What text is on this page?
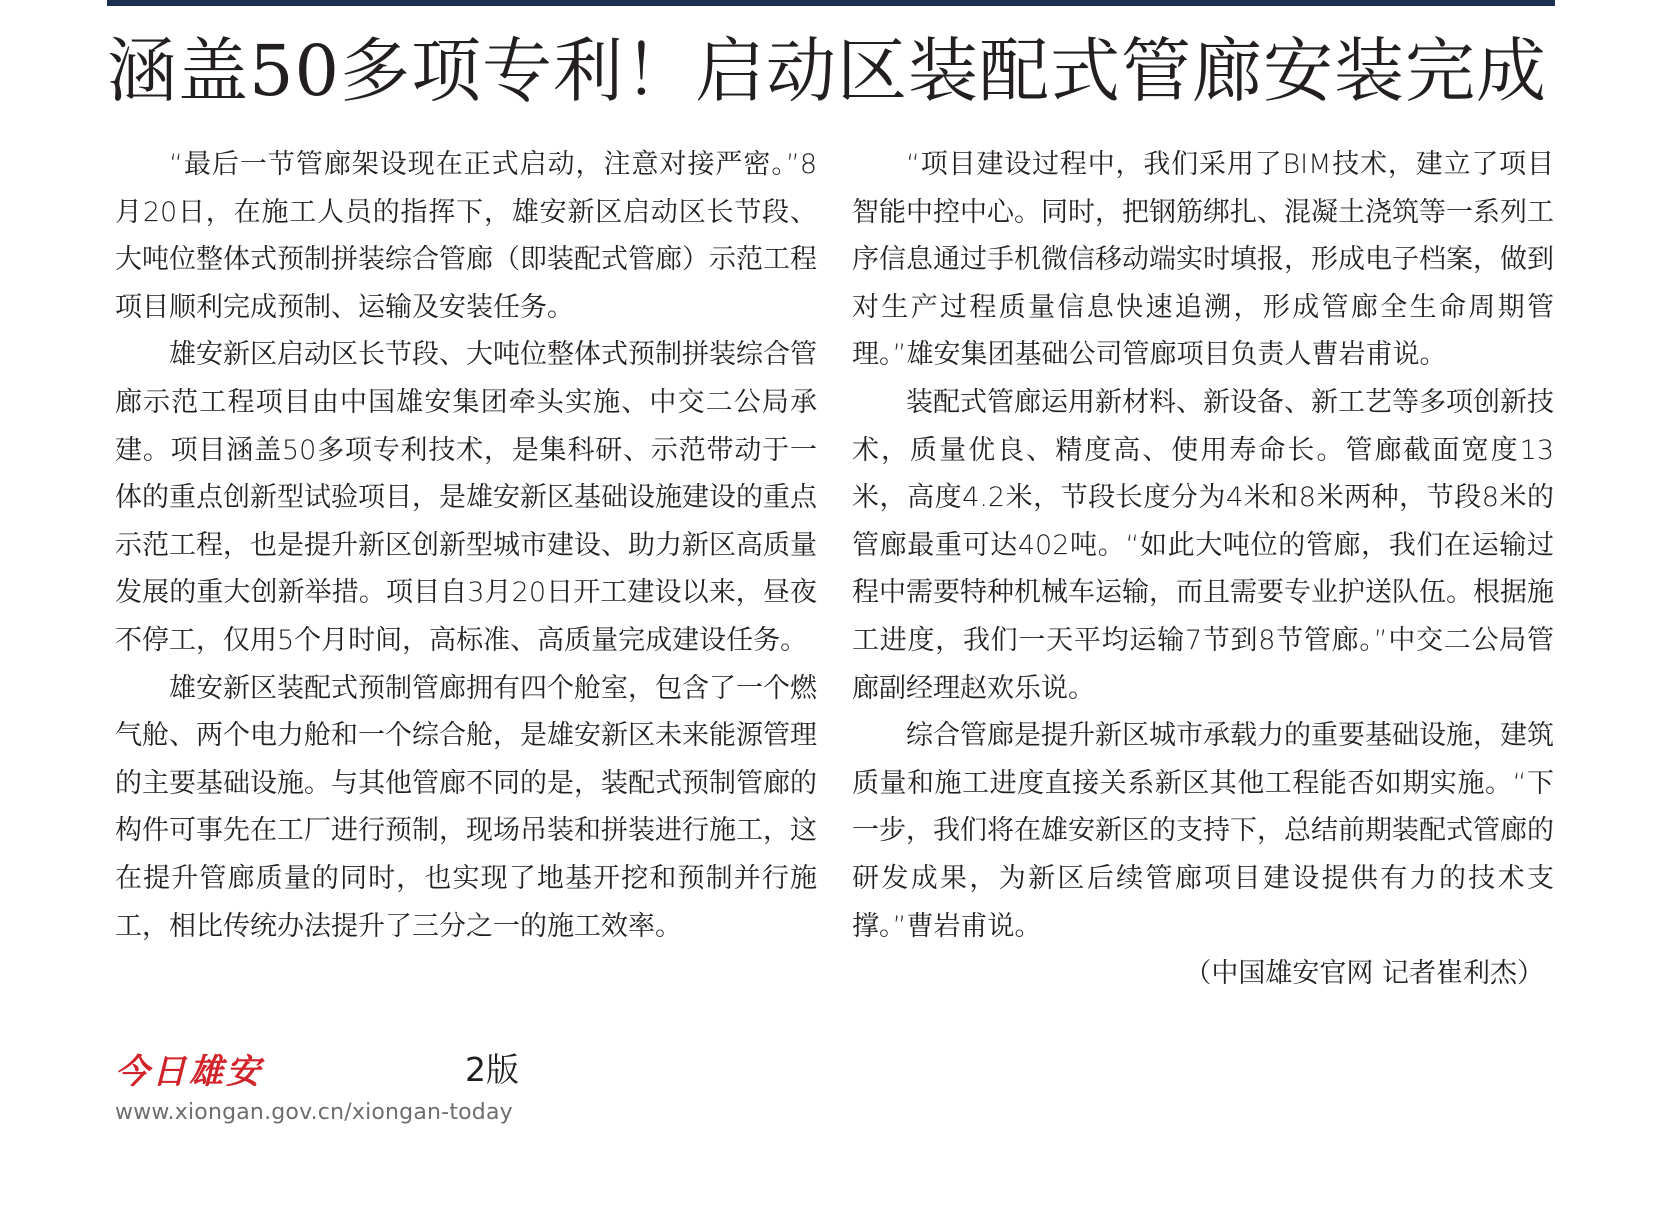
涵盖50多项专利！启动区装配式管廊安装完成

“最后一节管廊架设现在正式启动，注意对接严密。”8月20日，在施工人员的指挥下，雄安新区启动区长节段、大吨位整体式预制拼装综合管廊（即装配式管廊）示范工程项目顺利完成预制、运输及安装任务。

雄安新区启动区长节段、大吨位整体式预制拼装综合管廊示范工程项目由中国雄安集团牵头实施、中交二公局承建。项目涵盖50多项专利技术，是集科研、示范带动于一体的重点创新型试验项目，是雄安新区基础设施建设的重点示范工程，也是提升新区创新型城市建设、助力新区高质量发展的重大创新举措。项目自3月20日开工建设以来，昼夜不停工，仅用5个月时间，高标准、高质量完成建设任务。

雄安新区装配式预制管廊拥有四个舱室，包含了一个燃气舱、两个电力舱和一个综合舱，是雄安新区未来能源管理的主要基础设施。与其他管廊不同的是，装配式预制管廊的构件可事先在工厂进行预制，现场吊装和拼装进行施工，这在提升管廊质量的同时，也实现了地基开挖和预制并行施工，相比传统办法提升了三分之一的施工效率。

“项目建设过程中，我们采用了BIM技术，建立了项目智能中控中心。同时，把钢筋绑扎、混凝土浇筑等一系列工序信息通过手机微信移动端实时填报，形成电子档案，做到对生产过程质量信息快速追溯，形成管廊全生命周期管理。”雄安集团基础公司管廊项目负责人曹岩甫说。

装配式管廊运用新材料、新设备、新工艺等多项创新技术，质量优良、精度高、使用寿命长。管廊截面宽度13米，高度4.2米，节段长度分为4米和8米两种，节段8米的管廊最重可达402吨。“如此大吨位的管廊，我们在运输过程中需要特种机械车运输，而且需要专业护送队伍。根据施工进度，我们一天平均运输7节到8节管廊。”中交二公局管廊副经理赵欢乐说。

综合管廊是提升新区城市承载力的重要基础设施，建筑质量和施工进度直接关系新区其他工程能否如期实施。“下一步，我们将在雄安新区的支持下，总结前期装配式管廊的研发成果，为新区后续管廊项目建设提供有力的技术支撑。”曹岩甫说。

（中国雄安官网 记者崔利杰）

今日雄安	2版
www.xiongan.gov.cn/xiongan-today
